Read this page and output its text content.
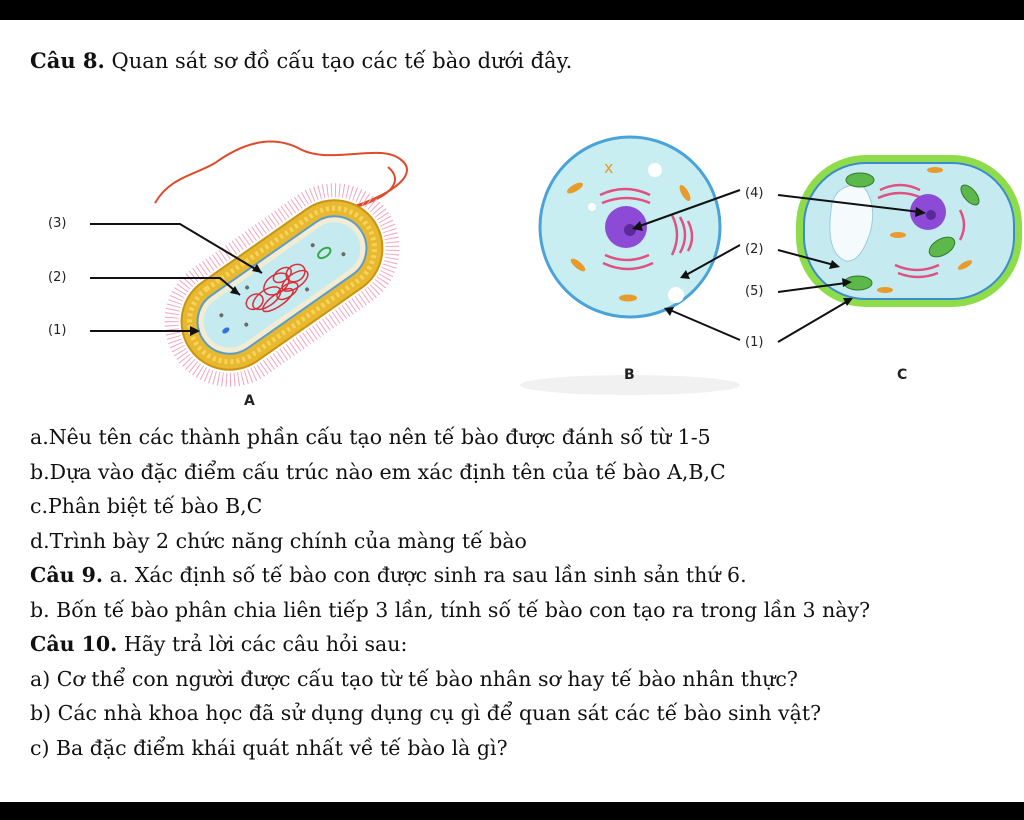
Câu 8. Quan sát sơ đồ cấu tạo các tế bào dưới đây.
(3)
(2)
(1)
A
x
B
(4)
(2)
(5)
(1)
C
a.Nêu tên các thành phần cấu tạo nên tế bào được đánh số từ 1-5
b.Dựa vào đặc điểm cấu trúc nào em xác định tên của tế bào A,B,C
c.Phân biệt tế bào B,C
d.Trình bày 2 chức năng chính của màng tế bào
Câu 9. a. Xác định số tế bào con được sinh ra sau lần sinh sản thứ 6.
b. Bốn tế bào phân chia liên tiếp 3 lần, tính số tế bào con tạo ra trong lần 3 này?
Câu 10. Hãy trả lời các câu hỏi sau:
a) Cơ thể con người được cấu tạo từ tế bào nhân sơ hay tế bào nhân thực?
b) Các nhà khoa học đã sử dụng dụng cụ gì để quan sát các tế bào sinh vật?
c) Ba đặc điểm khái quát nhất về tế bào là gì?
